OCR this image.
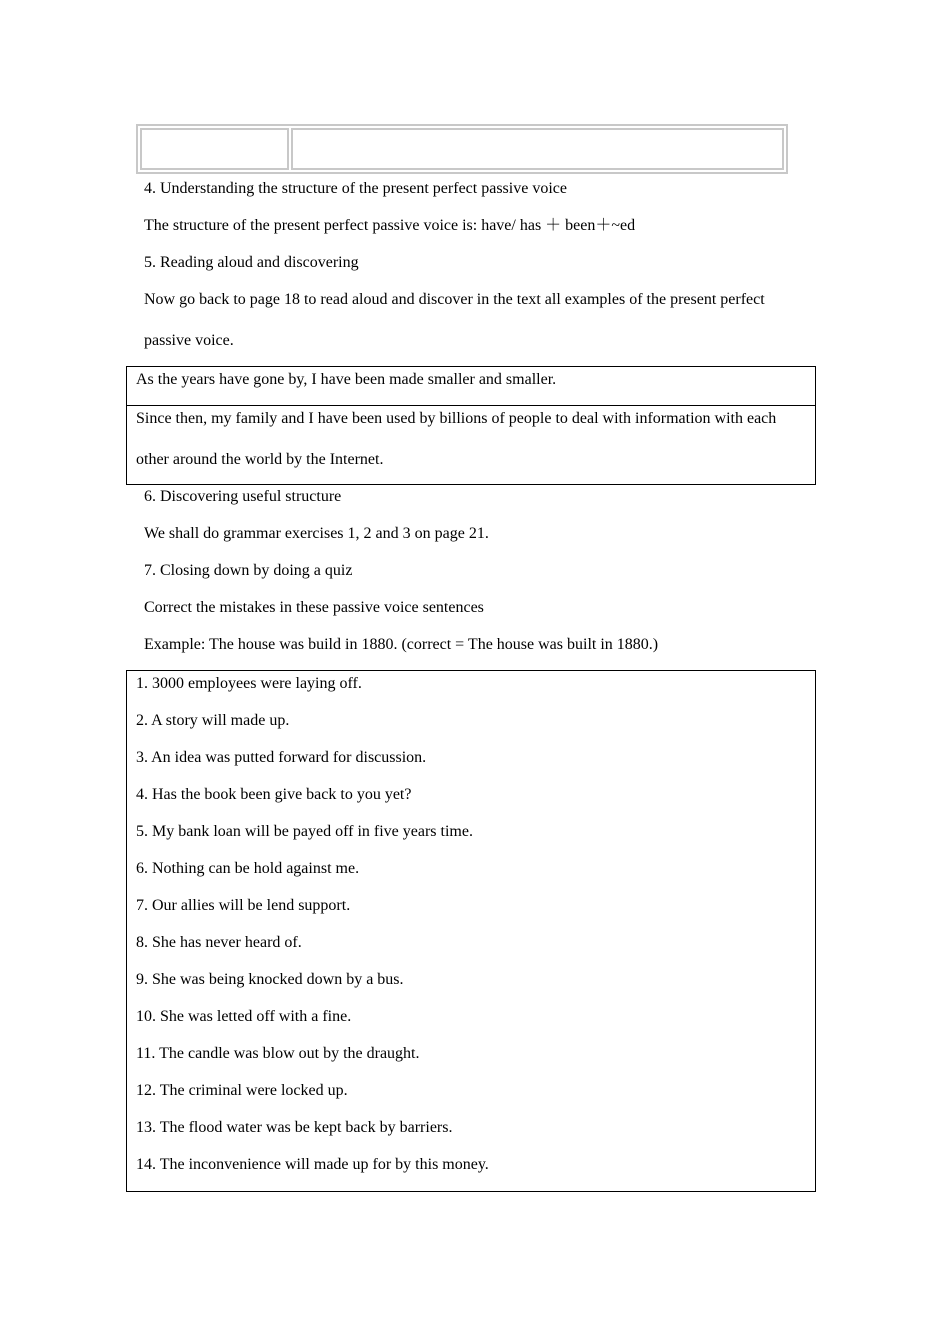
4. Understanding the structure of the present perfect passive voice
The structure of the present perfect passive voice is: have/ has ＋ been＋~ed
5. Reading aloud and discovering
Now go back to page 18 to read aloud and discover in the text all examples of the present perfect
passive voice.
As the years have gone by, I have been made smaller and smaller.
Since then, my family and I have been used by billions of people to deal with information with each
other around the world by the Internet.
6. Discovering useful structure
We shall do grammar exercises 1, 2 and 3 on page 21.
7. Closing down by doing a quiz
Correct the mistakes in these passive voice sentences
Example: The house was build in 1880. (correct = The house was built in 1880.)
1. 3000 employees were laying off.
2. A story will made up.
3. An idea was putted forward for discussion.
4. Has the book been give back to you yet?
5. My bank loan will be payed off in five years time.
6. Nothing can be hold against me.
7. Our allies will be lend support.
8. She has never heard of.
9. She was being knocked down by a bus.
10. She was letted off with a fine.
11. The candle was blow out by the draught.
12. The criminal were locked up.
13. The flood water was be kept back by barriers.
14. The inconvenience will made up for by this money.
